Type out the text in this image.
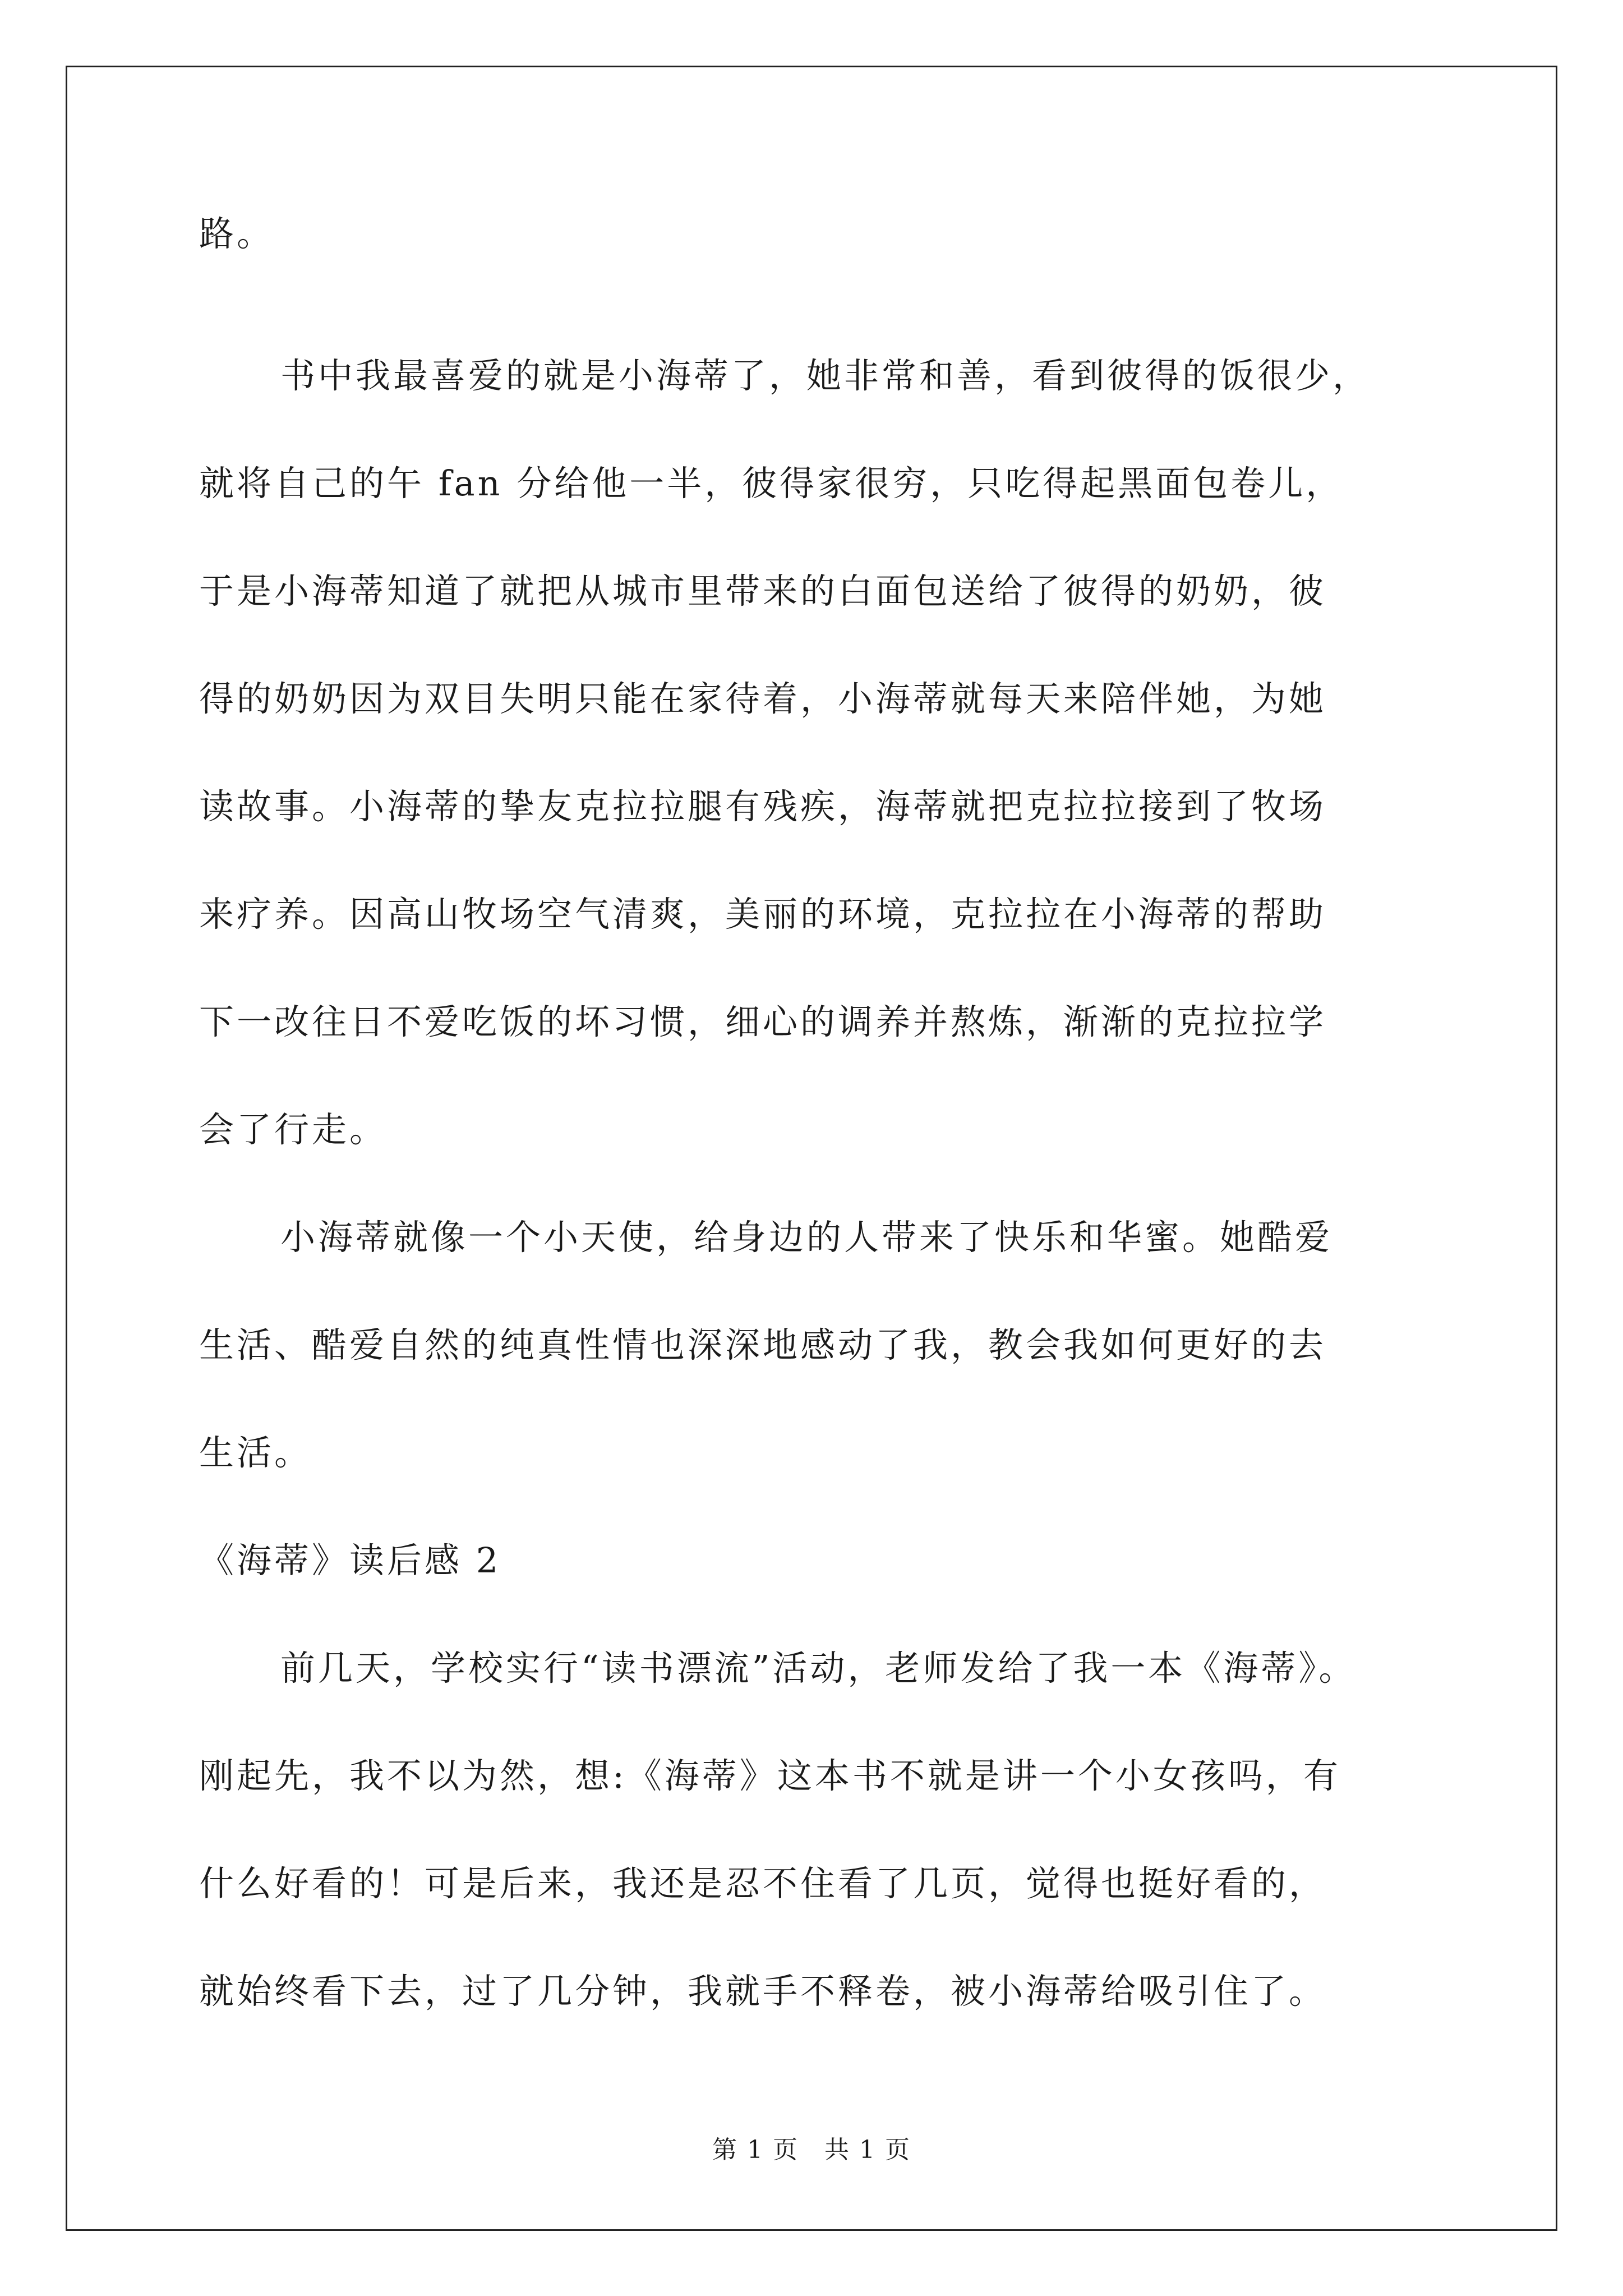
路。
书中我最喜爱的就是小海蒂了，她非常和善，看到彼得的饭很少，
就将自己的午 fan 分给他一半，彼得家很穷，只吃得起黑面包卷儿，
于是小海蒂知道了就把从城市里带来的白面包送给了彼得的奶奶，彼
得的奶奶因为双目失明只能在家待着，小海蒂就每天来陪伴她，为她
读故事。小海蒂的挚友克拉拉腿有残疾，海蒂就把克拉拉接到了牧场
来疗养。因高山牧场空气清爽，美丽的环境，克拉拉在小海蒂的帮助
下一改往日不爱吃饭的坏习惯，细心的调养并熬炼，渐渐的克拉拉学
会了行走。
小海蒂就像一个小天使，给身边的人带来了快乐和华蜜。她酷爱
生活、酷爱自然的纯真性情也深深地感动了我，教会我如何更好的去
生活。
《海蒂》读后感 2
前几天，学校实行“读书漂流”活动，老师发给了我一本《海蒂》。
刚起先，我不以为然，想:《海蒂》这本书不就是讲一个小女孩吗，有
什么好看的！可是后来，我还是忍不住看了几页，觉得也挺好看的，
就始终看下去，过了几分钟，我就手不释卷，被小海蒂给吸引住了。
第 1 页　共 1 页
